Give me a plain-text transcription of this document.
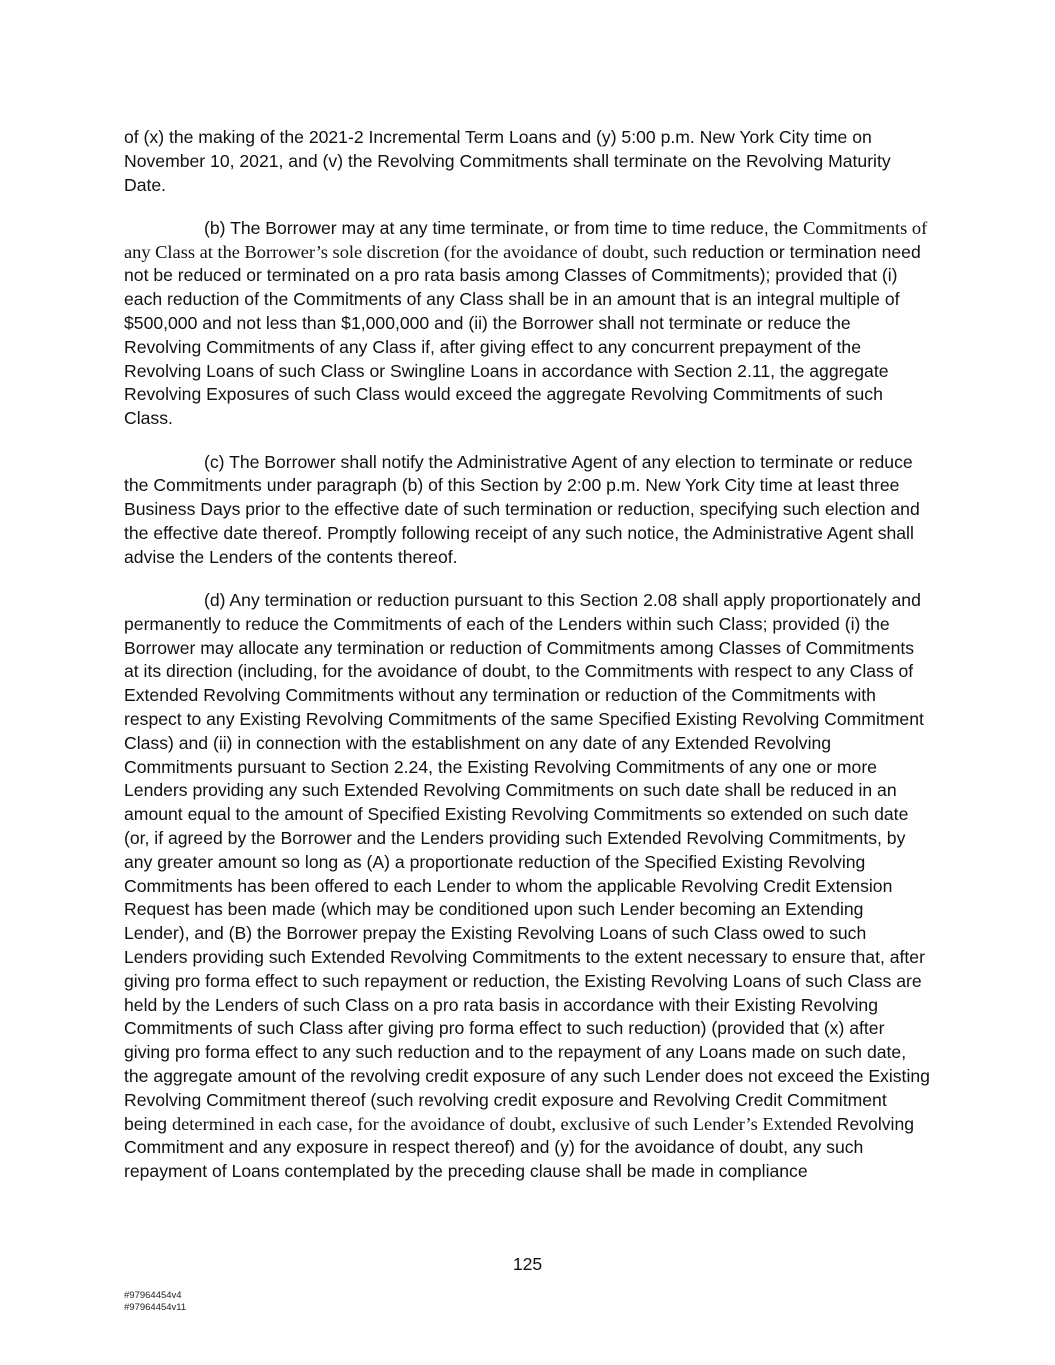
of (x) the making of the 2021-2 Incremental Term Loans and (y) 5:00 p.m. New York City time on November 10, 2021, and (v) the Revolving Commitments shall terminate on the Revolving Maturity Date.

(b) The Borrower may at any time terminate, or from time to time reduce, the Commitments of any Class at the Borrower’s sole discretion (for the avoidance of doubt, such reduction or termination need not be reduced or terminated on a pro rata basis among Classes of Commitments); provided that (i) each reduction of the Commitments of any Class shall be in an amount that is an integral multiple of $500,000 and not less than $1,000,000 and (ii) the Borrower shall not terminate or reduce the Revolving Commitments of any Class if, after giving effect to any concurrent prepayment of the Revolving Loans of such Class or Swingline Loans in accordance with Section 2.11, the aggregate Revolving Exposures of such Class would exceed the aggregate Revolving Commitments of such Class.

(c) The Borrower shall notify the Administrative Agent of any election to terminate or reduce the Commitments under paragraph (b) of this Section by 2:00 p.m. New York City time at least three Business Days prior to the effective date of such termination or reduction, specifying such election and the effective date thereof. Promptly following receipt of any such notice, the Administrative Agent shall advise the Lenders of the contents thereof.

(d) Any termination or reduction pursuant to this Section 2.08 shall apply proportionately and permanently to reduce the Commitments of each of the Lenders within such Class; provided (i) the Borrower may allocate any termination or reduction of Commitments among Classes of Commitments at its direction (including, for the avoidance of doubt, to the Commitments with respect to any Class of Extended Revolving Commitments without any termination or reduction of the Commitments with respect to any Existing Revolving Commitments of the same Specified Existing Revolving Commitment Class) and (ii) in connection with the establishment on any date of any Extended Revolving Commitments pursuant to Section 2.24, the Existing Revolving Commitments of any one or more Lenders providing any such Extended Revolving Commitments on such date shall be reduced in an amount equal to the amount of Specified Existing Revolving Commitments so extended on such date (or, if agreed by the Borrower and the Lenders providing such Extended Revolving Commitments, by any greater amount so long as (A) a proportionate reduction of the Specified Existing Revolving Commitments has been offered to each Lender to whom the applicable Revolving Credit Extension Request has been made (which may be conditioned upon such Lender becoming an Extending Lender), and (B) the Borrower prepay the Existing Revolving Loans of such Class owed to such Lenders providing such Extended Revolving Commitments to the extent necessary to ensure that, after giving pro forma effect to such repayment or reduction, the Existing Revolving Loans of such Class are held by the Lenders of such Class on a pro rata basis in accordance with their Existing Revolving Commitments of such Class after giving pro forma effect to such reduction) (provided that (x) after giving pro forma effect to any such reduction and to the repayment of any Loans made on such date, the aggregate amount of the revolving credit exposure of any such Lender does not exceed the Existing Revolving Commitment thereof (such revolving credit exposure and Revolving Credit Commitment being determined in each case, for the avoidance of doubt, exclusive of such Lender’s Extended Revolving Commitment and any exposure in respect thereof) and (y) for the avoidance of doubt, any such repayment of Loans contemplated by the preceding clause shall be made in compliance

125
#97964454v4
#97964454v11
